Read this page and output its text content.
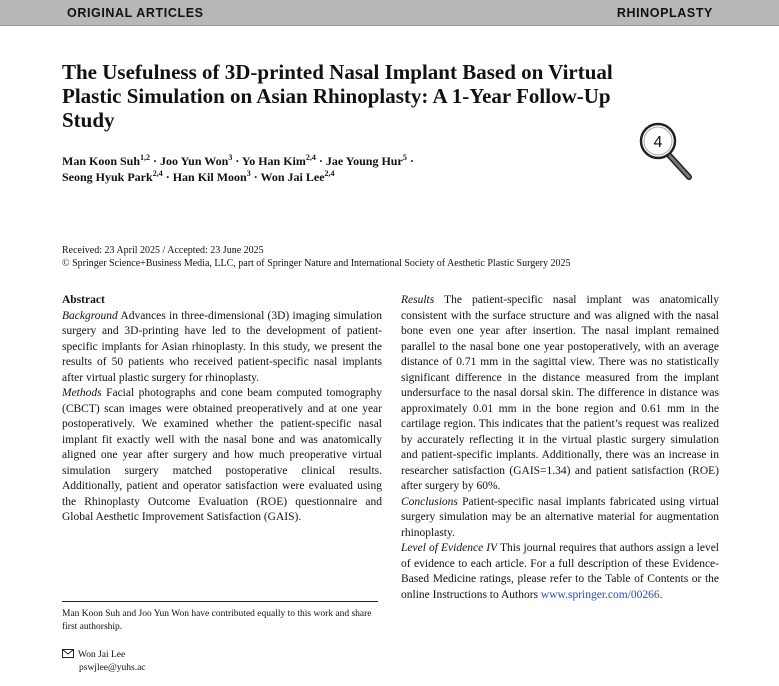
ORIGINAL ARTICLES	RHINOPLASTY
The Usefulness of 3D-printed Nasal Implant Based on Virtual Plastic Simulation on Asian Rhinoplasty: A 1-Year Follow-Up Study
Man Koon Suh$^{1,2}$ · Joo Yun Won$^3$ · Yo Han Kim$^{2,4}$ · Jae Young Hur$^5$ ·
Seong Hyuk Park$^{2,4}$ · Han Kil Moon$^3$ · Won Jai Lee$^{2,4}$
4
Received: 23 April 2025 / Accepted: 23 June 2025
© Springer Science+Business Media, LLC, part of Springer Nature and International Society of Aesthetic Plastic Surgery 2025

Abstract

Background Advances in three-dimensional (3D) imaging simulation surgery and 3D-printing have led to the development of patient-specific implants for Asian rhinoplasty. In this study, we present the results of 50 patients who received patient-specific nasal implants after virtual plastic surgery for rhinoplasty.

Methods Facial photographs and cone beam computed tomography (CBCT) scan images were obtained preoperatively and at one year postoperatively. We examined whether the patient-specific nasal implant fit exactly well with the nasal bone and was anatomically aligned one year after surgery and how much preoperative virtual simulation surgery matched postoperative clinical results. Additionally, patient and operator satisfaction were evaluated using the Rhinoplasty Outcome Evaluation (ROE) questionnaire and Global Aesthetic Improvement Satisfaction (GAIS).

Results The patient-specific nasal implant was anatomically consistent with the surface structure and was aligned with the nasal bone even one year after insertion. The nasal implant remained parallel to the nasal bone one year postoperatively, with an average distance of 0.71 mm in the sagittal view. There was no statistically significant difference in the distance measured from the implant undersurface to the nasal dorsal skin. The difference in distance was approximately 0.01 mm in the bone region and 0.61 mm in the cartilage region. This indicates that the patient’s request was realized by accurately reflecting it in the virtual plastic surgery simulation and patient-specific implants. Additionally, there was an increase in researcher satisfaction (GAIS=1.34) and patient satisfaction (ROE) after surgery by 60%.

Conclusions Patient-specific nasal implants fabricated using virtual surgery simulation may be an alternative material for augmentation rhinoplasty.

Level of Evidence IV This journal requires that authors assign a level of evidence to each article. For a full description of these Evidence-Based Medicine ratings, please refer to the Table of Contents or the online Instructions to Authors www.springer.com/00266.

Man Koon Suh and Joo Yun Won have contributed equally to this work and share first authorship.
Won Jai Lee
pswjlee@yuhs.ac
